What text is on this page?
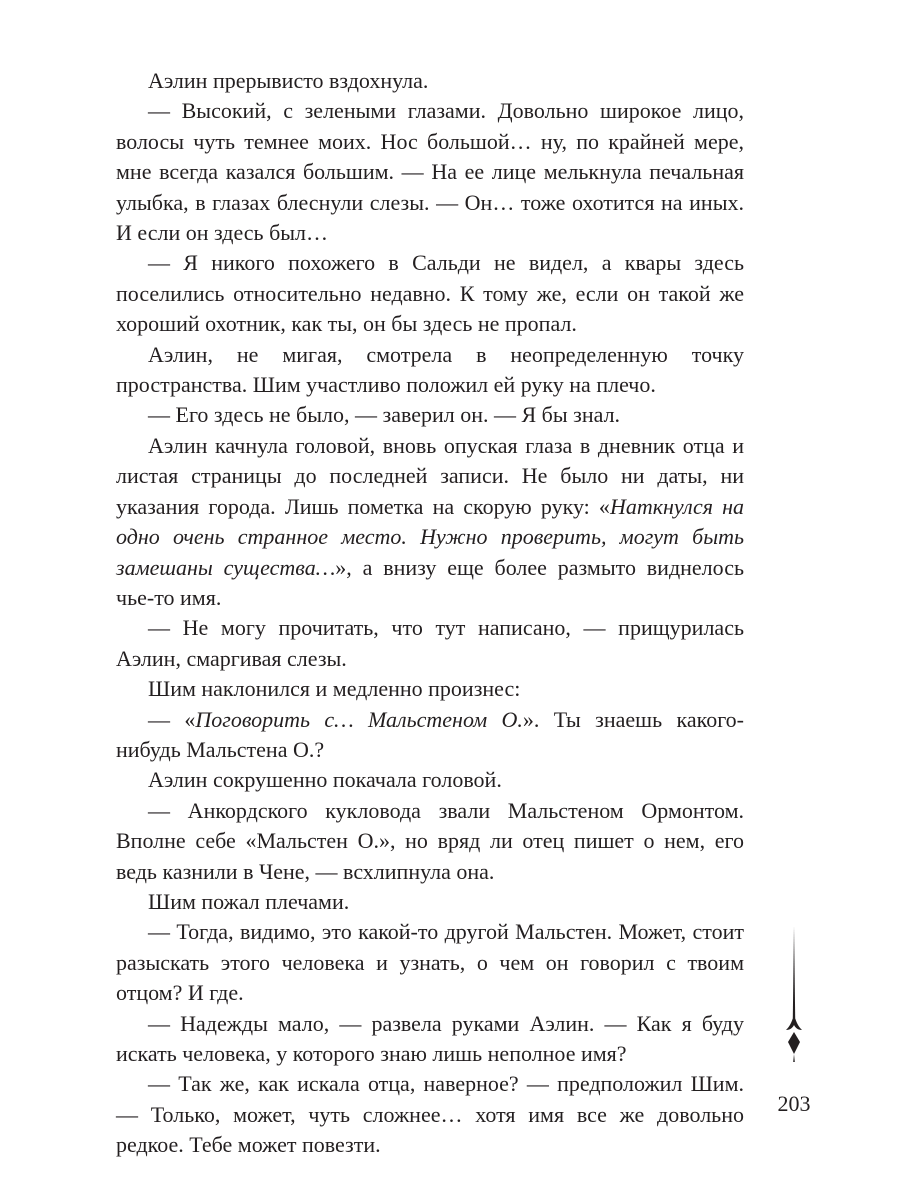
Аэлин прерывисто вздохнула.

— Высокий, с зелеными глазами. Довольно широкое лицо, волосы чуть темнее моих. Нос большой… ну, по крайней мере, мне всегда казался большим. — На ее лице мелькнула печальная улыбка, в глазах блеснули слезы. — Он… тоже охотится на иных. И если он здесь был…

— Я никого похожего в Сальди не видел, а квары здесь поселились относительно недавно. К тому же, если он такой же хороший охотник, как ты, он бы здесь не пропал.

Аэлин, не мигая, смотрела в неопределенную точку пространства. Шим участливо положил ей руку на плечо.

— Его здесь не было, — заверил он. — Я бы знал.

Аэлин качнула головой, вновь опуская глаза в дневник отца и листая страницы до последней записи. Не было ни даты, ни указания города. Лишь пометка на скорую руку: «Наткнулся на одно очень странное место. Нужно проверить, могут быть замешаны существа…», а внизу еще более размыто виднелось чье-то имя.

— Не могу прочитать, что тут написано, — прищурилась Аэлин, смаргивая слезы.

Шим наклонился и медленно произнес:

— «Поговорить с… Мальстеном О.». Ты знаешь какого-нибудь Мальстена О.?

Аэлин сокрушенно покачала головой.

— Анкордского кукловода звали Мальстеном Ормонтом. Вполне себе «Мальстен О.», но вряд ли отец пишет о нем, его ведь казнили в Чене, — всхлипнула она.

Шим пожал плечами.

— Тогда, видимо, это какой-то другой Мальстен. Может, стоит разыскать этого человека и узнать, о чем он говорил с твоим отцом? И где.

— Надежды мало, — развела руками Аэлин. — Как я буду искать человека, у которого знаю лишь неполное имя?

— Так же, как искала отца, наверное? — предположил Шим. — Только, может, чуть сложнее… хотя имя все же довольно редкое. Тебе может повезти.

203
